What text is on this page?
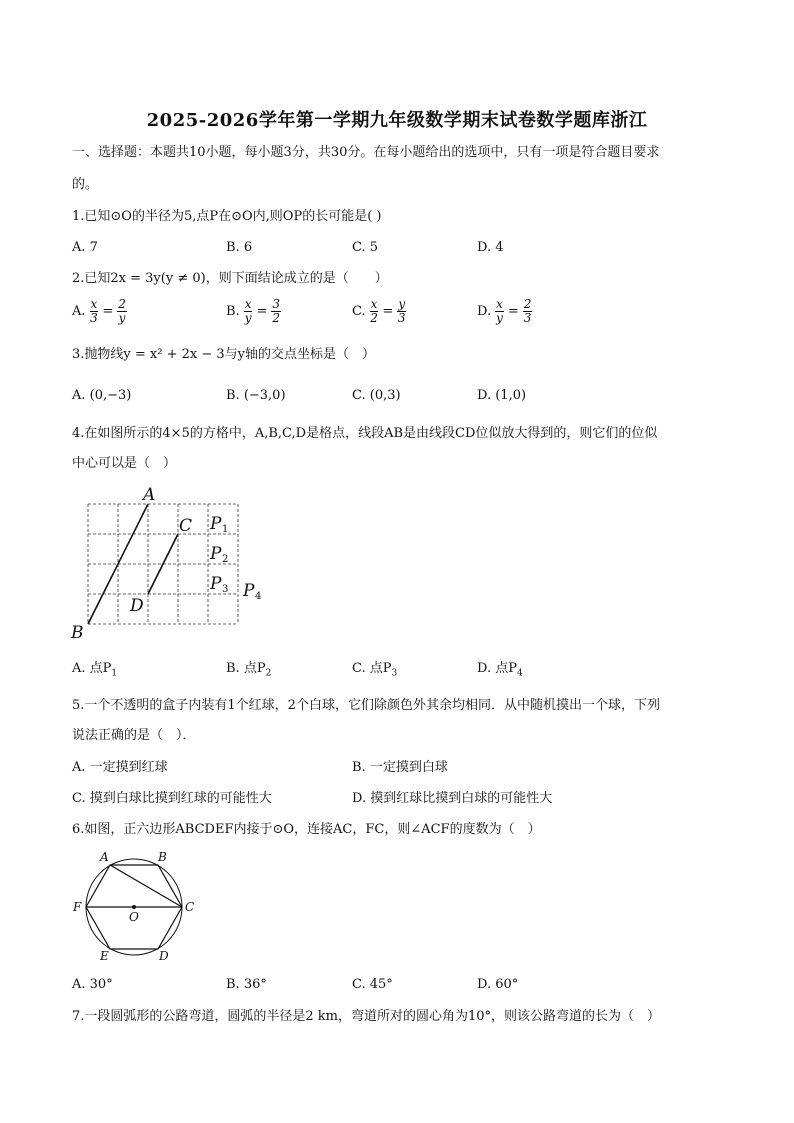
2025-2026学年第一学期九年级数学期末试卷数学题库浙江
一、选择题：本题共10小题，每小题3分，共30分。在每小题给出的选项中，只有一项是符合题目要求
的。
1.已知⊙O的半径为5,点P在⊙O内,则OP的长可能是( )
A. 7	B. 6	C. 5	D. 4
2.已知2x = 3y(y ≠ 0)，则下面结论成立的是（　　）
A. $\frac{x}{3} = \frac{2}{y}$	B. $\frac{x}{y} = \frac{3}{2}$	C. $\frac{x}{2} = \frac{y}{3}$	D. $\frac{x}{y} = \frac{2}{3}$
3.抛物线y = x² + 2x − 3与y轴的交点坐标是（　）
A. (0,−3)	B. (−3,0)	C. (0,3)	D. (1,0)
4.在如图所示的4×5的方格中，A,B,C,D是格点，线段AB是由线段CD位似放大得到的，则它们的位似
中心可以是（　）
A
B
C
D
P
P
P P
1
2
3
4
A. 点$P_1$	B. 点$P_2$	C. 点$P_3$	D. 点$P_4$
5.一个不透明的盒子内装有1个红球，2个白球，它们除颜色外其余均相同．从中随机摸出一个球，下列
说法正确的是（　）．
A. 一定摸到红球	B. 一定摸到白球
C. 摸到白球比摸到红球的可能性大	D. 摸到红球比摸到白球的可能性大
6.如图，正六边形ABCDEF内接于⊙O，连接AC，FC，则∠ACF的度数为（　）
A	B
C
D
E
F
O
A. 30°	B. 36°	C. 45°	D. 60°
7.一段圆弧形的公路弯道，圆弧的半径是2 km，弯道所对的圆心角为10°，则该公路弯道的长为（　）
